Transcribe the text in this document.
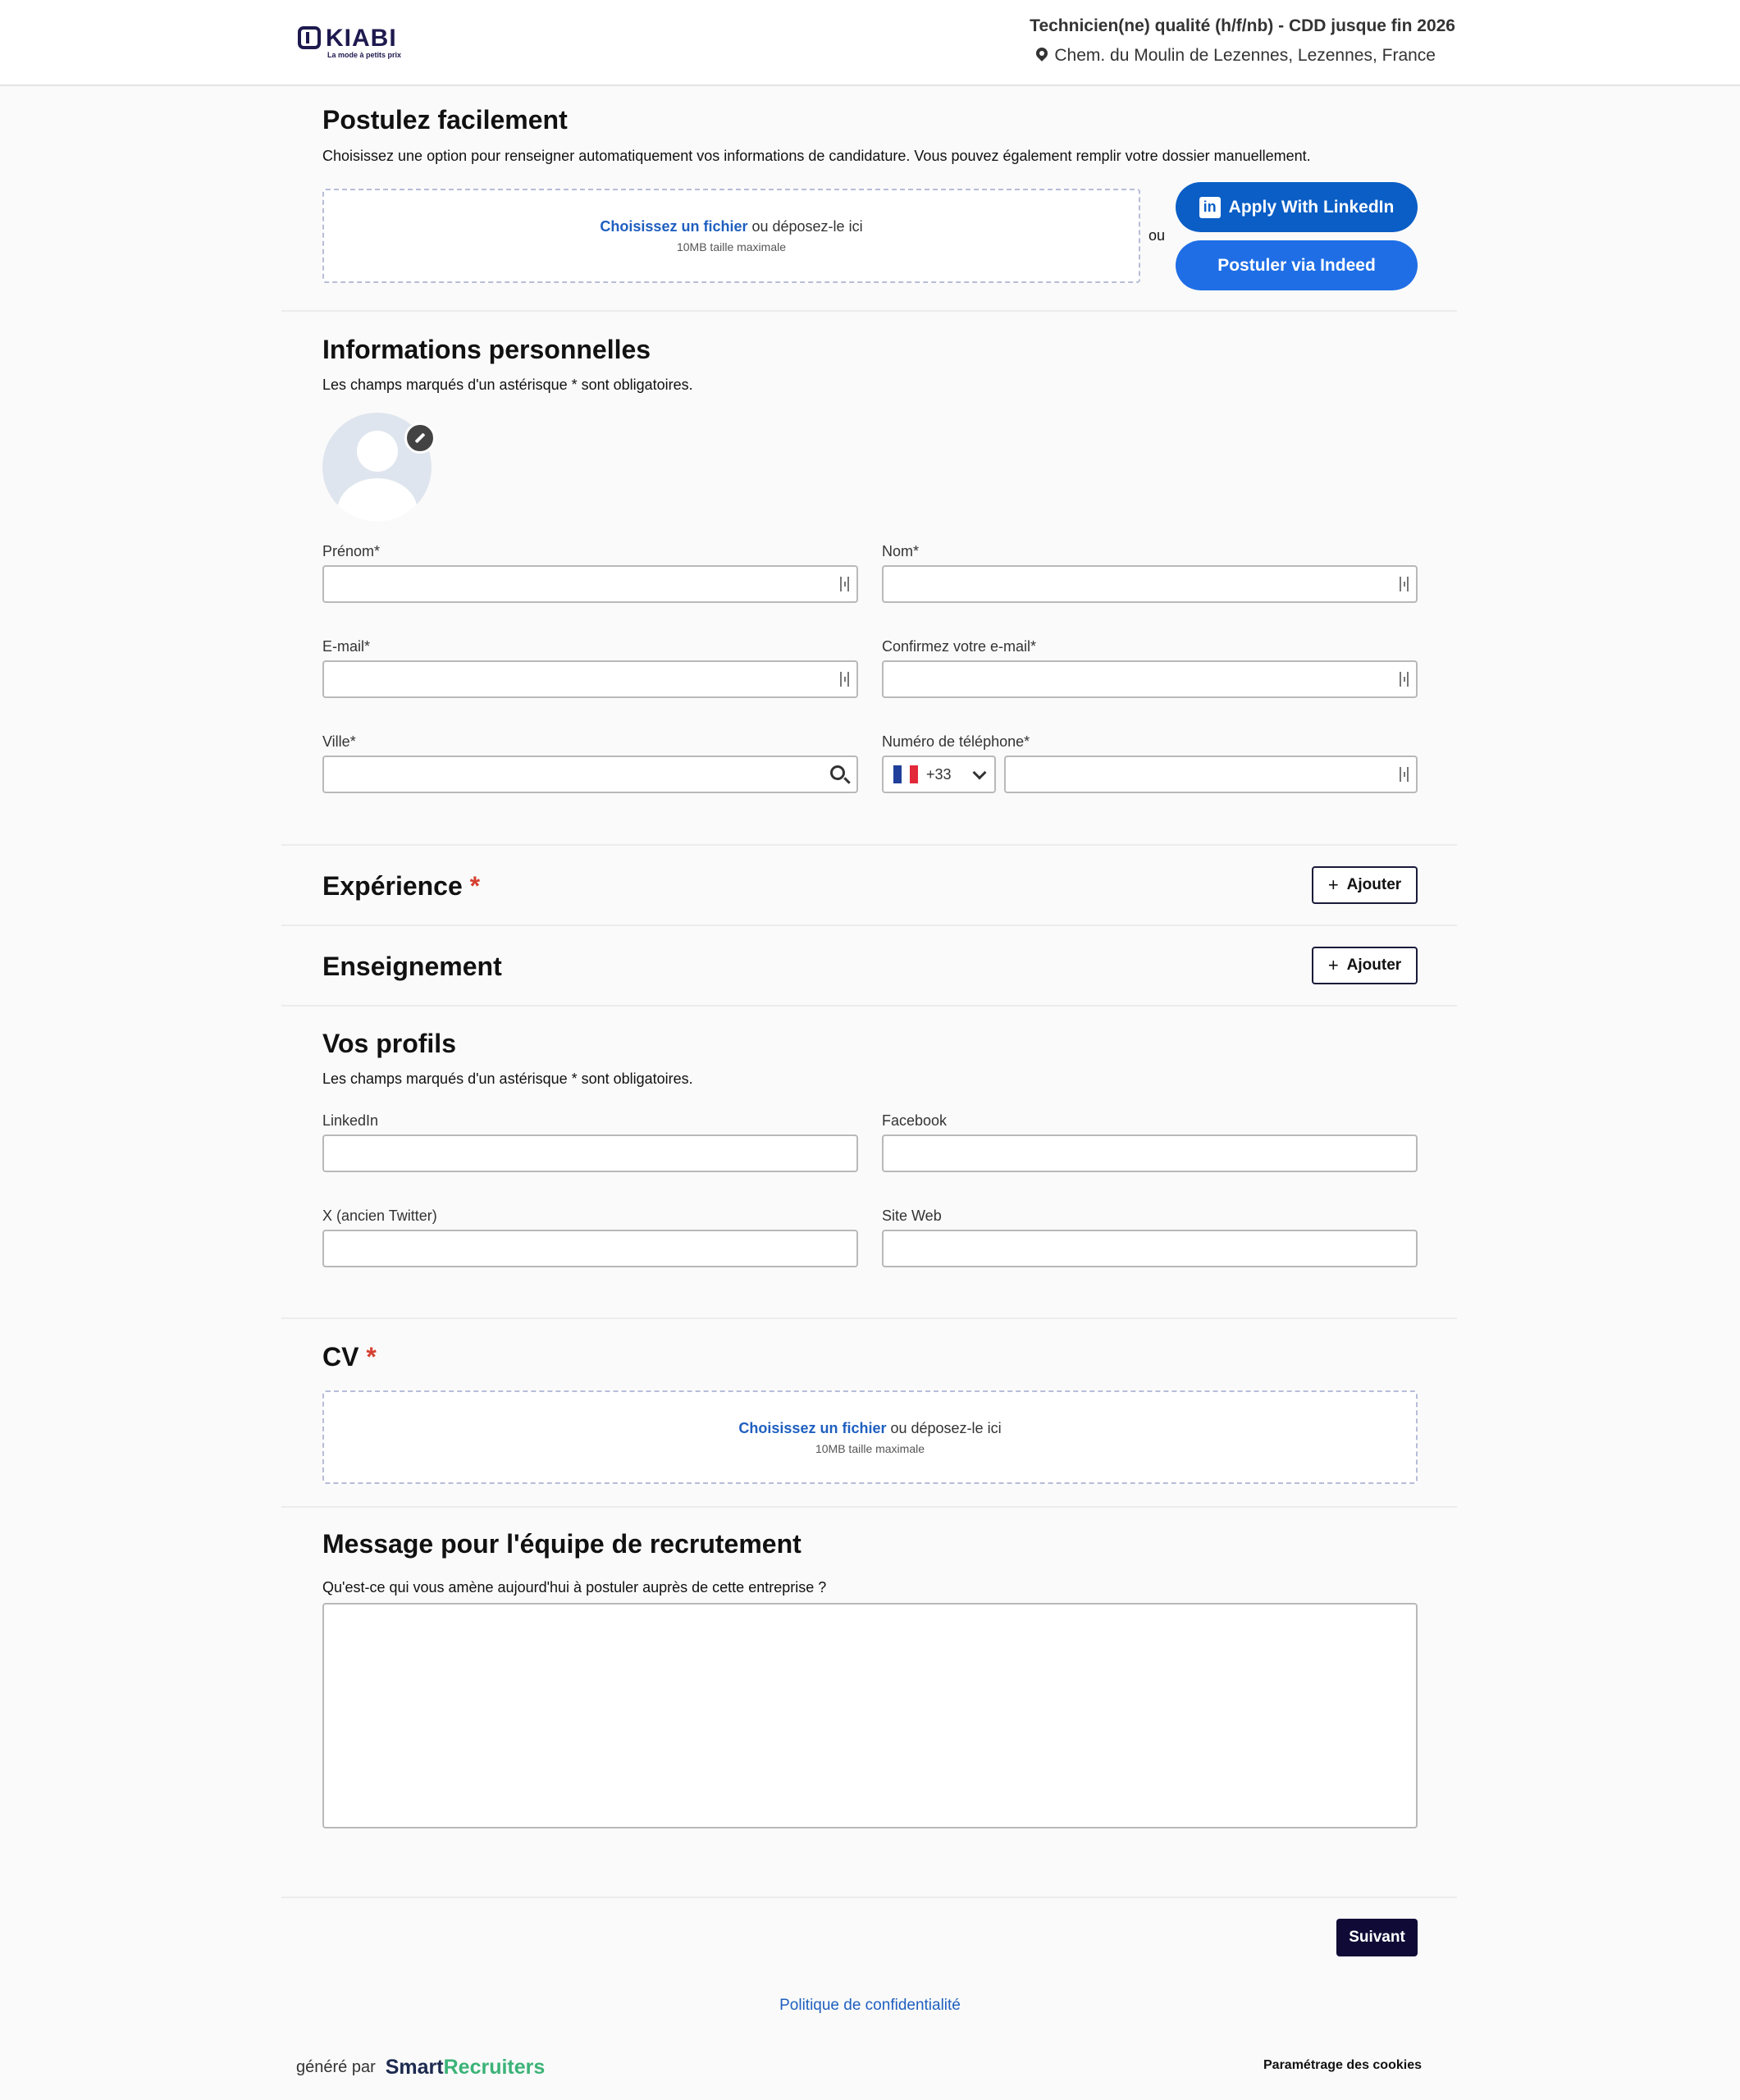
KIABI
La mode à petits prix
Technicien(ne) qualité (h/f/nb) - CDD jusque fin 2026
Chem. du Moulin de Lezennes, Lezennes, France
Postulez facilement
Choisissez une option pour renseigner automatiquement vos informations de candidature. Vous pouvez également remplir votre dossier manuellement.
Choisissez un fichier ou déposez-le ici
10MB taille maximale
ou
in Apply With LinkedIn
Postuler via Indeed
Informations personnelles
Les champs marqués d'un astérisque * sont obligatoires.
Prénom*	Nom*
E-mail*	Confirmez votre e-mail*
Ville*	Numéro de téléphone*
+33
Expérience *	+ Ajouter
Enseignement	+ Ajouter
Vos profils
Les champs marqués d'un astérisque * sont obligatoires.
LinkedIn	Facebook
X (ancien Twitter)	Site Web
CV *
Choisissez un fichier ou déposez-le ici
10MB taille maximale
Message pour l'équipe de recrutement
Qu'est-ce qui vous amène aujourd'hui à postuler auprès de cette entreprise ?
Suivant
Politique de confidentialité
généré par SmartRecruiters	Paramétrage des cookies
